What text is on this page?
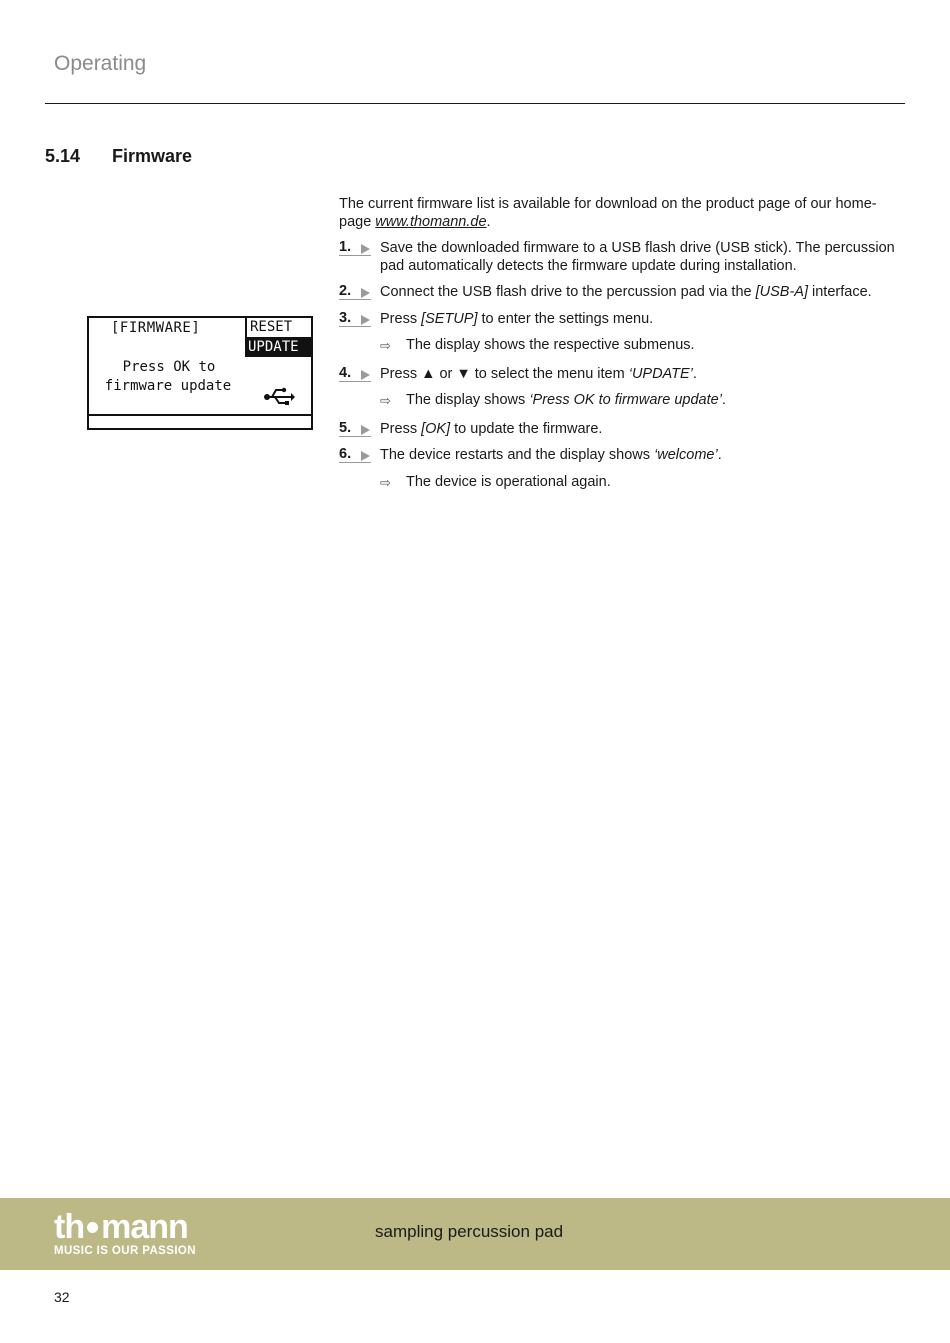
Operating
5.14 Firmware
[FIRMWARE]	RESET
UPDATE
Press OK to
firmware update

The current firmware list is available for download on the product page of our home-page www.thomann.de.

1.	Save the downloaded firmware to a USB flash drive (USB stick). The percussion pad automatically detects the firmware update during installation.
2.	Connect the USB flash drive to the percussion pad via the [USB-A] interface.
3.	Press [SETUP] to enter the settings menu.
⇨ The display shows the respective submenus.
4.	Press ▲ or ▼ to select the menu item ‘UPDATE’.
⇨ The display shows ‘Press OK to firmware update’.
5.	Press [OK] to update the firmware.
6.	The device restarts and the display shows ‘welcome’.
⇨ The device is operational again.
th mann
MUSIC IS OUR PASSION
sampling percussion pad
32
